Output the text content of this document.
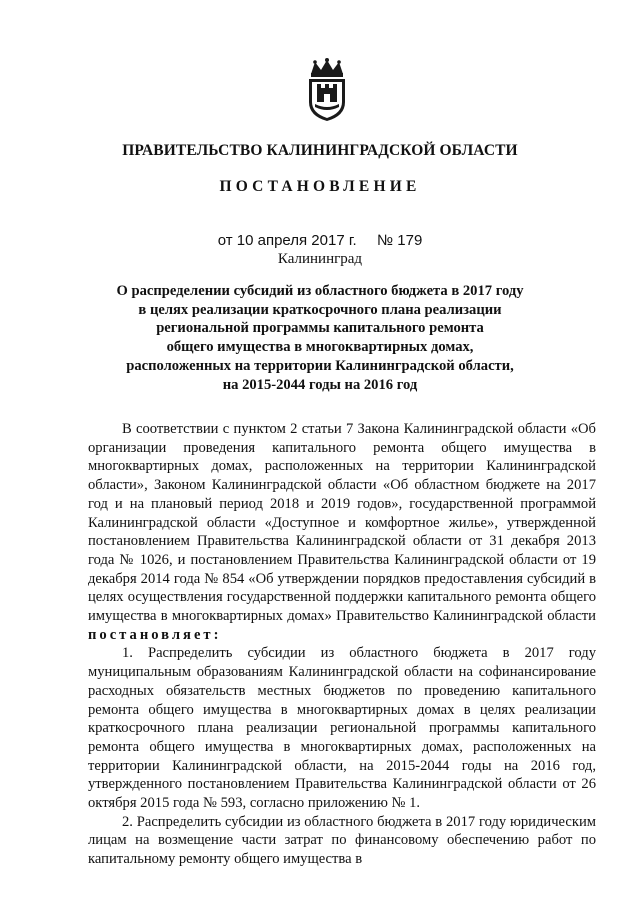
ПРАВИТЕЛЬСТВО КАЛИНИНГРАДСКОЙ ОБЛАСТИ
ПОСТАНОВЛЕНИЕ
от 10 апреля 2017 г. № 179
Калининград
О распределении субсидий из областного бюджета в 2017 году
в целях реализации краткосрочного плана реализации
региональной программы капитального ремонта
общего имущества в многоквартирных домах,
расположенных на территории Калининградской области,
на 2015-2044 годы на 2016 год

В соответствии с пунктом 2 статьи 7 Закона Калининградской области «Об организации проведения капитального ремонта общего имущества в многоквартирных домах, расположенных на территории Калининградской области», Законом Калининградской области «Об областном бюджете на 2017 год и на плановый период 2018 и 2019 годов», государственной программой Калининградской области «Доступное и комфортное жилье», утвержденной постановлением Правительства Калининградской области от 31 декабря 2013 года № 1026, и постановлением Правительства Калининградской области от 19 декабря 2014 года № 854 «Об утверждении порядков предоставления субсидий в целях осуществления государственной поддержки капитального ремонта общего имущества в многоквартирных домах» Правительство Калининградской области постановляет:

1. Распределить субсидии из областного бюджета в 2017 году муниципальным образованиям Калининградской области на софинансирование расходных обязательств местных бюджетов по проведению капитального ремонта общего имущества в многоквартирных домах в целях реализации краткосрочного плана реализации региональной программы капитального ремонта общего имущества в многоквартирных домах, расположенных на территории Калининградской области, на 2015-2044 годы на 2016 год, утвержденного постановлением Правительства Калининградской области от 26 октября 2015 года № 593, согласно приложению № 1.

2. Распределить субсидии из областного бюджета в 2017 году юридическим лицам на возмещение части затрат по финансовому обеспечению работ по капитальному ремонту общего имущества в
